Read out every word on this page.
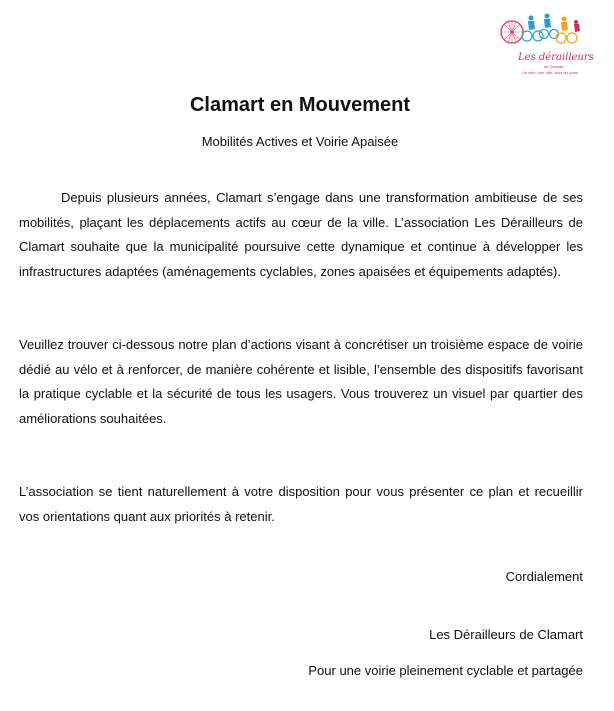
Les dérailleurs
de Clamart
Un vélo, une ville, tous les jours
Clamart en Mouvement
Mobilités Actives et Voirie Apaisée

Depuis plusieurs années, Clamart s’engage dans une transformation ambitieuse de ses mobilités, plaçant les déplacements actifs au cœur de la ville. L’association Les Dérailleurs de Clamart souhaite que la municipalité poursuive cette dynamique et continue à développer les infrastructures adaptées (aménagements cyclables, zones apaisées et équipements adaptés).

Veuillez trouver ci-dessous notre plan d’actions visant à concrétiser un troisième espace de voirie dédié au vélo et à renforcer, de manière cohérente et lisible, l’ensemble des dispositifs favorisant la pratique cyclable et la sécurité de tous les usagers. Vous trouverez un visuel par quartier des améliorations souhaitées.

L’association se tient naturellement à votre disposition pour vous présenter ce plan et recueillir vos orientations quant aux priorités à retenir.

Cordialement
Les Dérailleurs de Clamart
Pour une voirie pleinement cyclable et partagée
